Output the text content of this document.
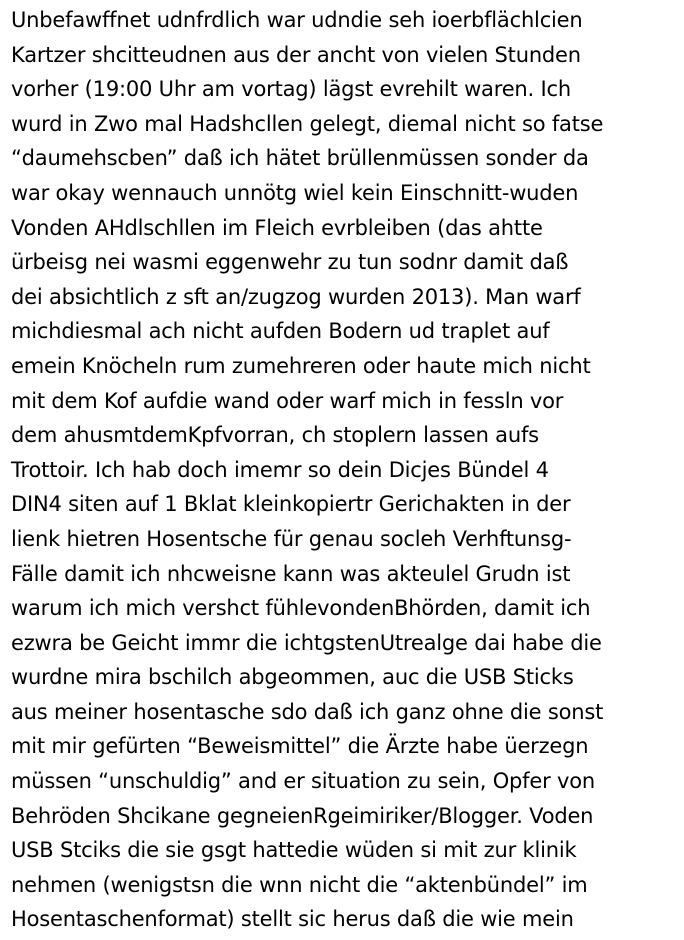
Unbefawffnet udnfrdlich war udndie seh ioerbflächlcien
Kartzer shcitteudnen aus der ancht von vielen Stunden
vorher (19:00 Uhr am vortag) lägst evrehilt waren. Ich
wurd in Zwo mal Hadshcllen gelegt, diemal nicht so fatse
“daumehscben” daß ich hätet brüllenmüssen sonder da
war okay wennauch unnötg wiel kein Einschnitt-wuden
Vonden AHdlschllen im Fleich evrbleiben (das ahtte
ürbeisg nei wasmi eggenwehr zu tun sodnr damit daß
dei absichtlich z sft an/zugzog wurden 2013). Man warf
michdiesmal ach nicht aufden Bodern ud traplet auf
emein Knöcheln rum zumehreren oder haute mich nicht
mit dem Kof aufdie wand oder warf mich in fessln vor
dem ahusmtdemKpfvorran, ch stoplern lassen aufs
Trottoir. Ich hab doch imemr so dein Dicjes Bündel 4
DIN4 siten auf 1 Bklat kleinkopiertr Gerichakten in der
lienk hietren Hosentsche für genau socleh Verhftunsg-
Fälle damit ich nhcweisne kann was akteulel Grudn ist
warum ich mich vershct fühlevondenBhörden, damit ich
ezwra be Geicht immr die ichtgstenUtrealge dai habe die
wurdne mira bschilch abgeommen, auc die USB Sticks
aus meiner hosentasche sdo daß ich ganz ohne die sonst
mit mir gefürten “Beweismittel” die Ärzte habe üerzegn
müssen “unschuldig” and er situation zu sein, Opfer von
Behröden Shcikane gegneienRgeimiriker/Blogger. Voden
USB Stciks die sie gsgt hattedie wüden si mit zur klinik
nehmen (wenigstsn die wnn nicht die “aktenbündel” im
Hosentaschenformat) stellt sic herus daß die wie mein
